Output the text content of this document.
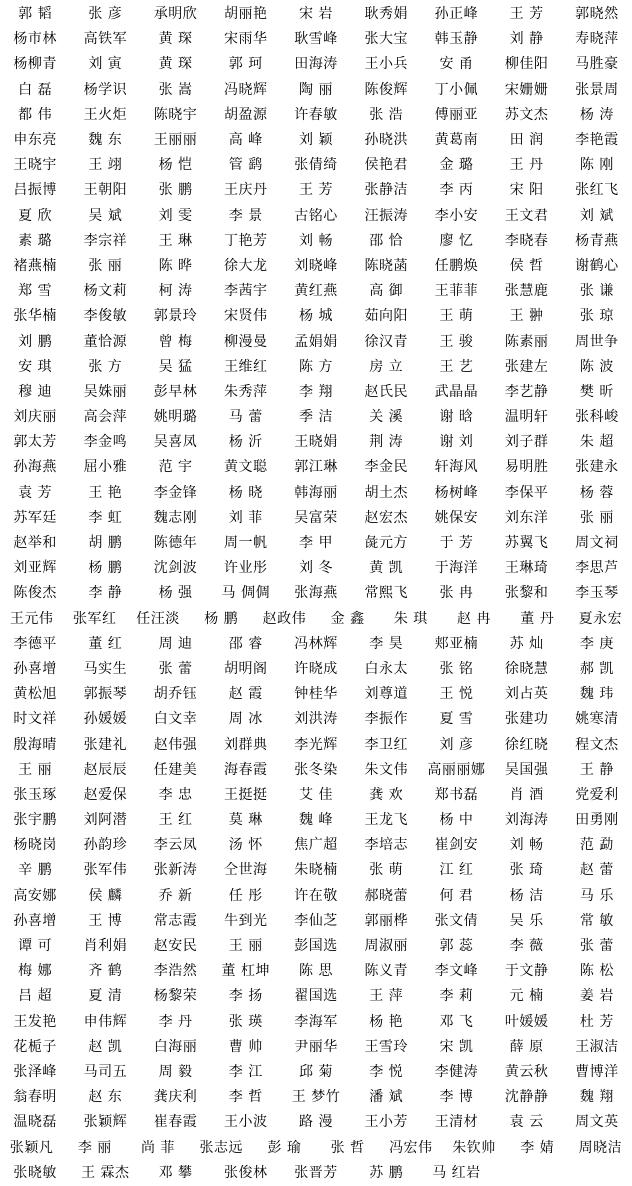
郭 韬	张 彦	承明欣	胡丽艳	宋 岩	耿秀娟	孙正峰	王 芳	郭晓然
杨市林	高铁军	黄 琛	宋雨华	耿雪峰	张大宝	韩玉静	刘 静	寿晓萍
杨柳青	刘 寅	黄 琛	郭 珂	田海涛	王小兵	安 甬	柳佳阳	马胜豪
白 磊	杨学识	张 嵩	冯晓辉	陶 丽	陈俊辉	丁小佩	宋姗姗	张景周
都 伟	王火炬	陈晓宇	胡盈源	许春敏	张 浩	傅丽亚	苏文杰	杨 涛
申东亮	魏 东	王丽丽	高 峰	刘 颖	孙晓洪	黄葛南	田 润	李艳霞
王晓宇	王 翊	杨 恺	管 鹞	张倩绮	侯艳君	金 璐	王 丹	陈 刚
吕振博	王朝阳	张 鹏	王庆丹	王 芳	张静洁	李 丙	宋 阳	张红飞
夏 欣	吴 斌	刘 雯	李 景	古铭心	汪振涛	李小安	王文君	刘 斌
素 璐	李宗祥	王 琳	丁艳芳	刘 畅	邵 恰	廖 忆	李晓春	杨青燕
褚燕楠	张 丽	陈 晔	徐大龙	刘晓峰	陈晓菡	任鹏焕	侯 哲	谢鹤心
郑 雪	杨文莉	柯 涛	李茜宇	黄红燕	高 御	王菲菲	张慧鹿	张 谦
张华楠	李俊敏	郭景玲	宋贤伟	杨 城	茹向阳	王 萌	王 翀	张 琼
刘 鹏	董恰源	曾 梅	柳漫曼	孟娟娟	徐汉青	王 骏	陈素丽	周世争
安 琪	张 方	吴 猛	王维红	陈 方	房 立	王 艺	张建左	陈 波
穆 迪	吴姝丽	彭早林	朱秀萍	李 翔	赵氏民	武晶晶	李艺静	樊 昕
刘庆丽	高会萍	姚明璐	马 蕾	季 洁	关 溪	谢 晗	温明轩	张科峻
郭太芳	李金鸣	吴喜凤	杨 沂	王晓娟	荆 涛	谢 刘	刘子群	朱 超
孙海燕	屈小雅	范 宇	黄文聪	郭江琳	李金民	轩海风	易明胜	张建永
袁 芳	王 艳	李金锋	杨 晓	韩海丽	胡土杰	杨树峰	李保平	杨 蓉
苏军廷	李 虹	魏志刚	刘 菲	吴富荣	赵宏杰	姚保安	刘东洋	张 丽
赵举和	胡 鹏	陈德年	周一帆	李 甲	彘元方	于 芳	苏翼飞	周文祠
刘亚辉	杨 鹏	沈剑波	许业彤	刘 冬	黄 凯	于海洋	王琳琦	李思芦
陈俊杰	李 静	杨 强	马 倜倜	张海燕	常熙飞	张 冉	张黎和	李玉琴
王元伟	张军红	任汪淡	杨 鹏	赵政伟	金 鑫	朱 琪	赵 冉	董 丹	夏永宏
李德平	董 红	周 迪	邵 睿	冯林辉	李 昊	郏亚楠	苏 灿	李 庚
孙喜增	马实生	张 蕾	胡明阁	许晓成	白永太	张 铭	徐晓慧	郝 凯
黄松旭	郭振琴	胡乔钰	赵 霞	钟桂华	刘尊道	王 悦	刘占英	魏 玮
时文祥	孙媛媛	白文幸	周 冰	刘洪涛	李振作	夏 雪	张建功	姚寒清
殷海晴	张建礼	赵伟强	刘群典	李光辉	李卫红	刘 彦	徐红晓	程文杰
王 丽	赵辰辰	任建美	海春霞	张冬染	朱文伟	高丽丽娜	吴国强	王 静
张玉琢	赵爱保	李 忠	王挺挺	艾 佳	龚 欢	郑书磊	肖 酒	党爱利
张宇鹏	刘阿潜	王 红	莫 琳	魏 峰	王龙飞	杨 中	刘海涛	田勇刚
杨晓岗	孙韵珍	李云凤	汤 怀	焦广超	李培志	崔剑安	刘 畅	范 勐
辛 鹏	张军伟	张新涛	仝世海	朱晓楠	张 萌	江 红	张 琦	赵 蕾
高安娜	侯 麟	乔 新	任 彤	许在敬	郝晓蕾	何 君	杨 洁	马 乐
孙喜增	王 博	常志霞	牛到光	李仙芝	郭丽桦	张文倩	吴 乐	常 敏
谭 可	肖利娟	赵安民	王 丽	彭国选	周淑丽	郭 蕊	李 薇	张 蕾
梅 娜	齐 鹤	李浩然	董 杠坤	陈 思	陈义青	李文峰	于文静	陈 松
吕 超	夏 清	杨黎荣	李 扬	翟国选	王 萍	李 莉	元 楠	姜 岩
王发艳	申伟辉	李 丹	张 瑛	李海军	杨 艳	邓 飞	叶媛媛	杜 芳
花栀子	赵 凯	白海丽	曹 帅	尹丽华	王雪玲	宋 凯	薛 原	王淑洁
张泽峰	马司五	周 毅	李 江	邱 菊	李 悦	李健涛	黄云秋	曹博洋
翁春明	赵 东	龚庆利	李 哲	王 梦竹	潘 斌	李 博	沈静静	魏 翔
温晓磊	张颖辉	崔春霞	王小波	路 漫	王小芳	王清材	袁 云	周文英
张颖凡	李 丽	尚 菲	张志远	彭 瑜	张 哲	冯宏伟	朱钦帅	李 婧	周晓洁
张晓敏	王 霖杰	邓 攀	张俊林	张晋芳	苏 鹏	马 红岩
